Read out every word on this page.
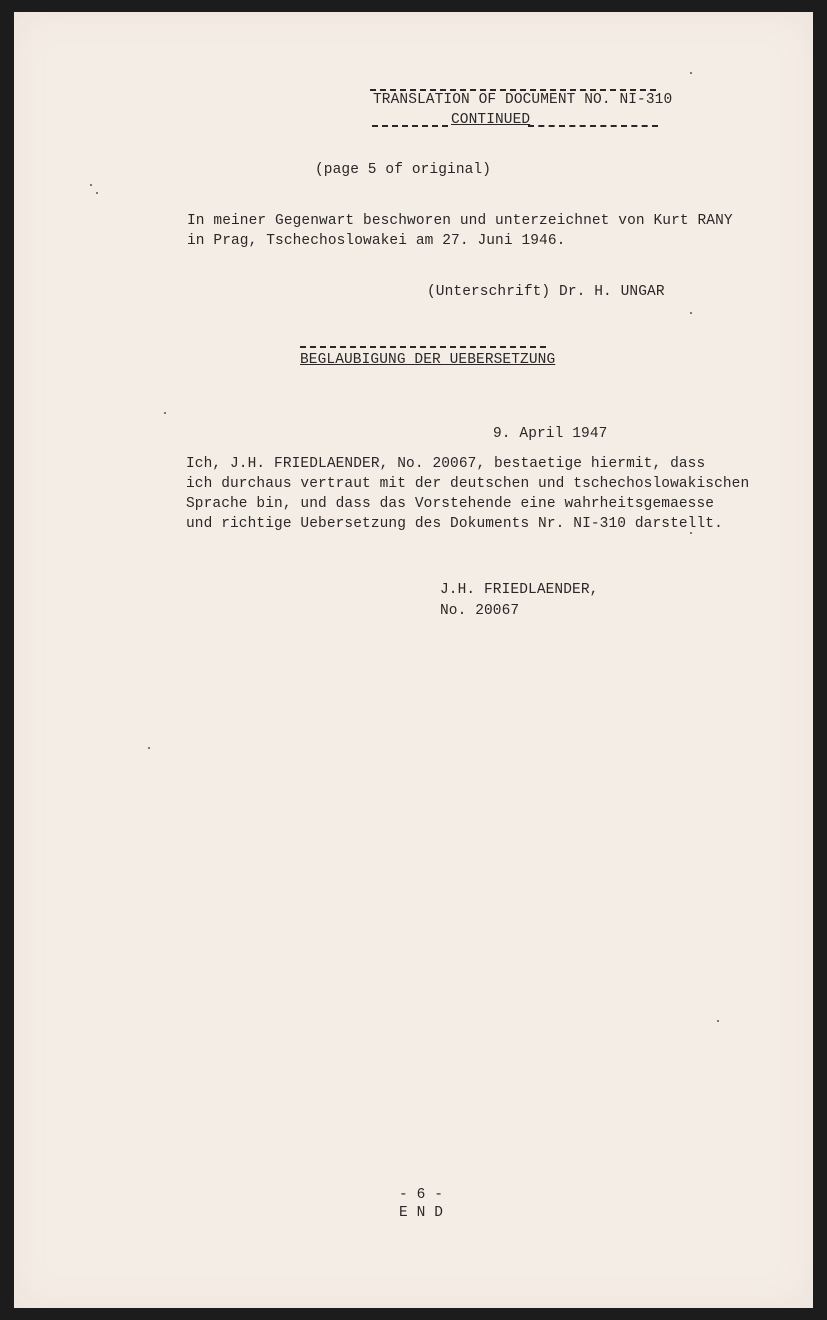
TRANSLATION OF DOCUMENT NO. NI-310
CONTINUED
(page 5 of original)
In meiner Gegenwart beschworen und unterzeichnet von Kurt RANY
in Prag, Tschechoslowakei am 27. Juni 1946.
(Unterschrift) Dr. H. UNGAR
BEGLAUBIGUNG DER UEBERSETZUNG
9. April 1947
Ich, J.H. FRIEDLAENDER, No. 20067, bestaetige hiermit, dass
ich durchaus vertraut mit der deutschen und tschechoslowakischen
Sprache bin, und dass das Vorstehende eine wahrheitsgemaesse
und richtige Uebersetzung des Dokuments Nr. NI-310 darstellt.
J.H. FRIEDLAENDER,
No. 20067
- 6 -
E N D
